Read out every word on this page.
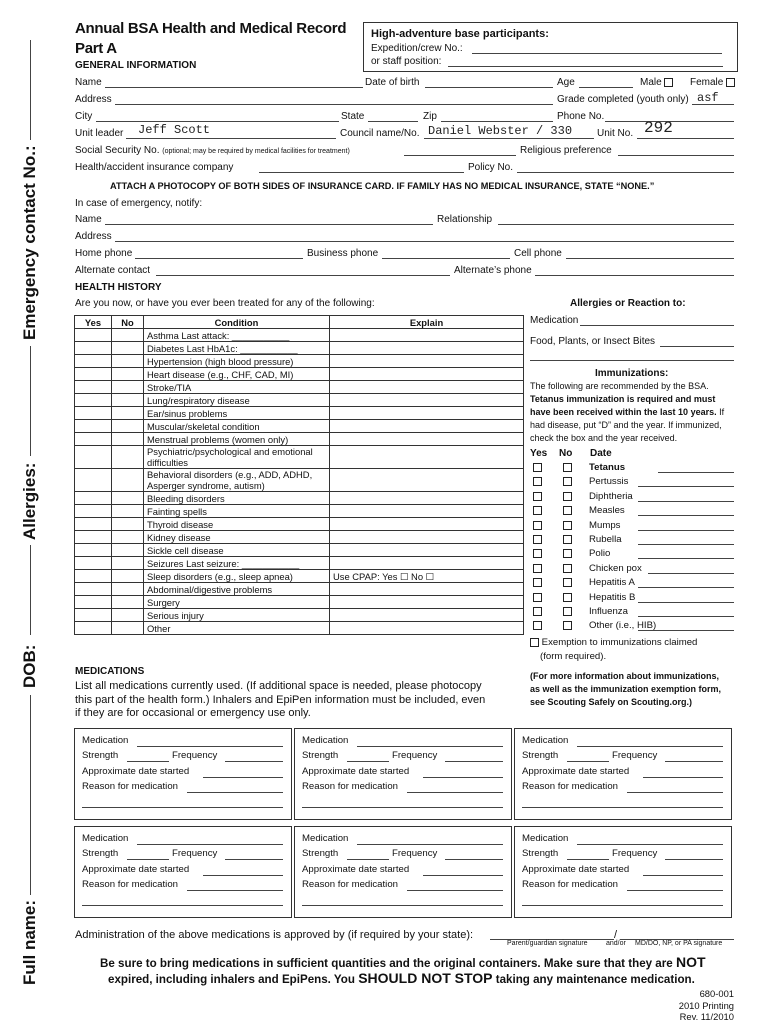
Emergency contact No.:
Allergies:
DOB:
Full name:
Annual BSA Health and Medical Record
Part A
GENERAL INFORMATION
High-adventure base participants:
Expedition/crew No.:
or staff position:
Name	Date of birth	Age	Male	Female
Address	Grade completed (youth only) asf
City	State	Zip	Phone No.
Unit leader Jeff Scott	Council name/No. Daniel Webster / 330 Unit No. 292
Social Security No. (optional; may be required by medical facilities for treatment)	Religious preference
Health/accident insurance company	Policy No.
ATTACH A PHOTOCOPY OF BOTH SIDES OF INSURANCE CARD. IF FAMILY HAS NO MEDICAL INSURANCE, STATE “NONE.”
In case of emergency, notify:
Name	Relationship
Address
Home phone	Business phone	Cell phone
Alternate contact	Alternate’s phone
HEALTH HISTORY
Are you now, or have you ever been treated for any of the following:
Yes	No	Condition	Explain
		Asthma Last attack: ___________	
		Diabetes Last HbA1c: ___________	
		Hypertension (high blood pressure)	
		Heart disease (e.g., CHF, CAD, MI)	
		Stroke/TIA	
		Lung/respiratory disease	
		Ear/sinus problems	
		Muscular/skeletal condition	
		Menstrual problems (women only)	
		Psychiatric/psychological and emotional difficulties	
		Behavioral disorders (e.g., ADD, ADHD, Asperger syndrome, autism)	
		Bleeding disorders	
		Fainting spells	
		Thyroid disease	
		Kidney disease	
		Sickle cell disease	
		Seizures Last seizure: ___________	
		Sleep disorders (e.g., sleep apnea)	Use CPAP: Yes ☐ No ☐
		Abdominal/digestive problems	
		Surgery	
		Serious injury	
		Other	
Allergies or Reaction to:
Medication
Food, Plants, or Insect Bites
Immunizations:
The following are recommended by the BSA.
Tetanus immunization is required and must
have been received within the last 10 years. If
had disease, put “D” and the year. If immunized,
check the box and the year received.
Yes No Date
Tetanus
Pertussis
Diphtheria
Measles
Mumps
Rubella
Polio
Chicken pox
Hepatitis A
Hepatitis B
Influenza
Other (i.e., HIB)
Exemption to immunizations claimed
(form required).
(For more information about immunizations,
as well as the immunization exemption form,
see Scouting Safely on Scouting.org.)
MEDICATIONS
List all medications currently used. (If additional space is needed, please photocopy
this part of the health form.) Inhalers and EpiPen information must be included, even
if they are for occasional or emergency use only.
Medication
Strength	Frequency
Approximate date started
Reason for medication
Medication
Strength	Frequency
Approximate date started
Reason for medication
Medication
Strength	Frequency
Approximate date started
Reason for medication
Medication
Strength	Frequency
Approximate date started
Reason for medication
Medication
Strength	Frequency
Approximate date started
Reason for medication
Medication
Strength	Frequency
Approximate date started
Reason for medication
Administration of the above medications is approved by (if required by your state):	/
Parent/guardian signature	and/or MD/DO, NP, or PA signature
Be sure to bring medications in sufficient quantities and the original containers. Make sure that they are NOT
expired, including inhalers and EpiPens. You SHOULD NOT STOP taking any maintenance medication.
680-001
2010 Printing
Rev. 11/2010
